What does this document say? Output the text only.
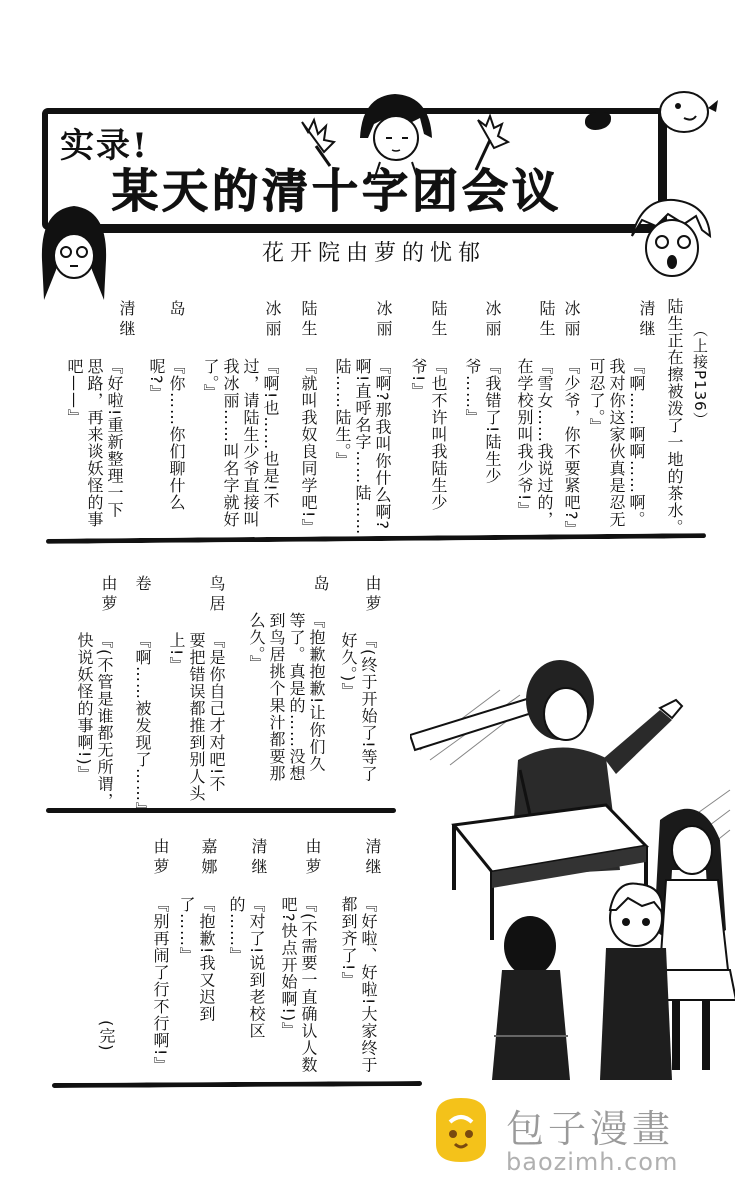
实录!
某天的清十字团会议
花开院由萝的忧郁

（上接P136）

陆生正在擦被泼了一地的茶水。
清继
『啊……啊啊……啊。
我对你这家伙真是忍无
可忍了。』
冰丽
『少爷，你不要紧吧?』
陆生
『雪女……我说过的，
在学校别叫我少爷!』
冰丽
『我错了!陆生少
爷……』
陆生
『也不许叫我陆生少
爷!』
冰丽
『啊?那我叫你什么啊?
啊!直呼名字……陆……
陆……陆生。』
陆生
『就叫我奴良同学吧!』
冰丽
『啊!也……也是!不
过，请陆生少爷直接叫
我冰丽……叫名字就好
了。』
岛
『你……你们聊什么
呢?』
清继
『好啦!重新整理一下
思路，再来谈妖怪的事
吧——』
由萝
『(终于开始了!等了
好久。)』
岛
『抱歉抱歉!让你们久
等了。真是的……没想
到鸟居挑个果汁都要那
么久。』
鸟居
『是你自己才对吧!不
要把错误都推到别人头
上!』
卷
『啊……被发现了……』
由萝
『(不管是谁都无所谓，
快说妖怪的事啊!)』
清继
『好啦、好啦!大家终于
都到齐了!』
由萝
『(不需要一直确认人数
吧?快点开始啊!)』
清继
『对了!说到老校区
的……』
嘉娜
『抱歉!我又迟到
了……』
由萝
『别再闹了行不行啊!』
(完)
包子漫畫
baozimh.com
